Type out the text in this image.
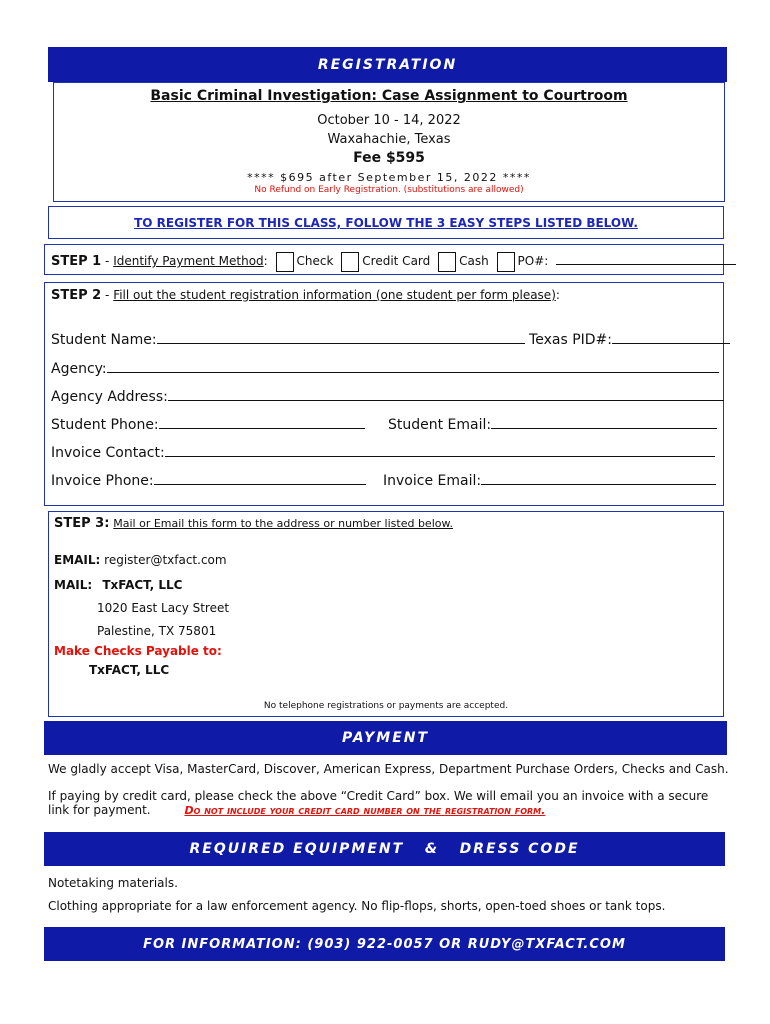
REGISTRATION
Basic Criminal Investigation: Case Assignment to Courtroom
October 10 - 14, 2022
Waxahachie, Texas
Fee $595
**** $695 after September 15, 2022 ****
No Refund on Early Registration. (substitutions are allowed)
TO REGISTER FOR THIS CLASS, FOLLOW THE 3 EASY STEPS LISTED BELOW.
STEP 1 - Identify Payment Method: Check Credit Card Cash PO#:
STEP 2 - Fill out the student registration information (one student per form please):
Student Name:	Texas PID#:
Agency:
Agency Address:
Student Phone:	Student Email:
Invoice Contact:
Invoice Phone:	Invoice Email:
STEP 3: Mail or Email this form to the address or number listed below.
EMAIL: register@txfact.com
MAIL: TxFACT, LLC
1020 East Lacy Street
Palestine, TX 75801
Make Checks Payable to:
TxFACT, LLC
No telephone registrations or payments are accepted.
PAYMENT
We gladly accept Visa, MasterCard, Discover, American Express, Department Purchase Orders, Checks and Cash.
If paying by credit card, please check the above “Credit Card” box. We will email you an invoice with a secure
link for payment.	Do not include your credit card number on the registration form.
REQUIRED EQUIPMENT   &   DRESS CODE
Notetaking materials.
Clothing appropriate for a law enforcement agency. No flip-flops, shorts, open-toed shoes or tank tops.
FOR INFORMATION: (903) 922-0057 OR RUDY@TXFACT.COM
